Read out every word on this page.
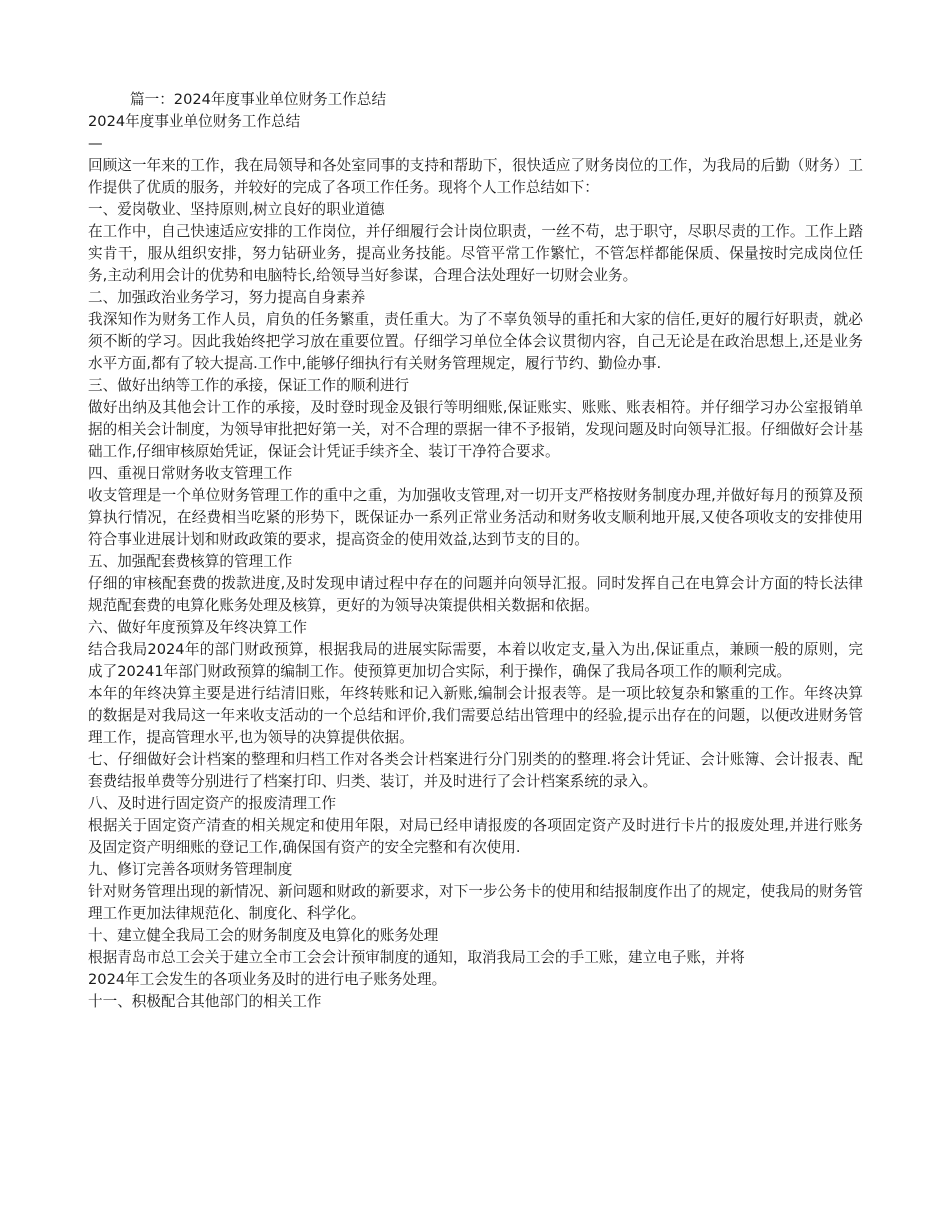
篇一：2024年度事业单位财务工作总结
2024年度事业单位财务工作总结
—
回顾这一年来的工作，我在局领导和各处室同事的支持和帮助下，很快适应了财务岗位的工作，为我局的后勤（财务）工作提供了优质的服务，并较好的完成了各项工作任务。现将个人工作总结如下：
一、爱岗敬业、坚持原则,树立良好的职业道德
在工作中，自己快速适应安排的工作岗位，并仔细履行会计岗位职责，一丝不苟，忠于职守，尽职尽责的工作。工作上踏实肯干，服从组织安排，努力钻研业务，提高业务技能。尽管平常工作繁忙，不管怎样都能保质、保量按时完成岗位任务,主动利用会计的优势和电脑特长,给领导当好参谋，合理合法处理好一切财会业务。
二、加强政治业务学习，努力提高自身素养
我深知作为财务工作人员，肩负的任务繁重，责任重大。为了不辜负领导的重托和大家的信任,更好的履行好职责，就必须不断的学习。因此我始终把学习放在重要位置。仔细学习单位全体会议贯彻内容，自己无论是在政治思想上,还是业务水平方面,都有了较大提高.工作中,能够仔细执行有关财务管理规定，履行节约、勤俭办事.
三、做好出纳等工作的承接，保证工作的顺利进行
做好出纳及其他会计工作的承接，及时登时现金及银行等明细账,保证账实、账账、账表相符。并仔细学习办公室报销单据的相关会计制度，为领导审批把好第一关，对不合理的票据一律不予报销，发现问题及时向领导汇报。仔细做好会计基础工作,仔细审核原始凭证，保证会计凭证手续齐全、装订干净符合要求。
四、重视日常财务收支管理工作
收支管理是一个单位财务管理工作的重中之重，为加强收支管理,对一切开支严格按财务制度办理,并做好每月的预算及预算执行情况，在经费相当吃紧的形势下，既保证办一系列正常业务活动和财务收支顺利地开展,又使各项收支的安排使用符合事业进展计划和财政政策的要求，提高资金的使用效益,达到节支的目的。
五、加强配套费核算的管理工作
仔细的审核配套费的拨款进度,及时发现申请过程中存在的问题并向领导汇报。同时发挥自己在电算会计方面的特长法律规范配套费的电算化账务处理及核算，更好的为领导决策提供相关数据和依据。
六、做好年度预算及年终决算工作
结合我局2024年的部门财政预算，根据我局的进展实际需要，本着以收定支,量入为出,保证重点，兼顾一般的原则，完成了20241年部门财政预算的编制工作。使预算更加切合实际，利于操作，确保了我局各项工作的顺利完成。
本年的年终决算主要是进行结清旧账，年终转账和记入新账,编制会计报表等。是一项比较复杂和繁重的工作。年终决算的数据是对我局这一年来收支活动的一个总结和评价,我们需要总结出管理中的经验,提示出存在的问题，以便改进财务管理工作，提高管理水平,也为领导的决算提供依据。
七、仔细做好会计档案的整理和归档工作对各类会计档案进行分门别类的的整理.将会计凭证、会计账簿、会计报表、配套费结报单费等分别进行了档案打印、归类、装订，并及时进行了会计档案系统的录入。
八、及时进行固定资产的报废清理工作
根据关于固定资产清查的相关规定和使用年限，对局已经申请报废的各项固定资产及时进行卡片的报废处理,并进行账务及固定资产明细账的登记工作,确保国有资产的安全完整和有次使用.
九、修订完善各项财务管理制度
针对财务管理出现的新情况、新问题和财政的新要求，对下一步公务卡的使用和结报制度作出了的规定，使我局的财务管理工作更加法律规范化、制度化、科学化。
十、建立健全我局工会的财务制度及电算化的账务处理
根据青岛市总工会关于建立全市工会会计预审制度的通知，取消我局工会的手工账，建立电子账，并将
2024年工会发生的各项业务及时的进行电子账务处理。
十一、积极配合其他部门的相关工作
